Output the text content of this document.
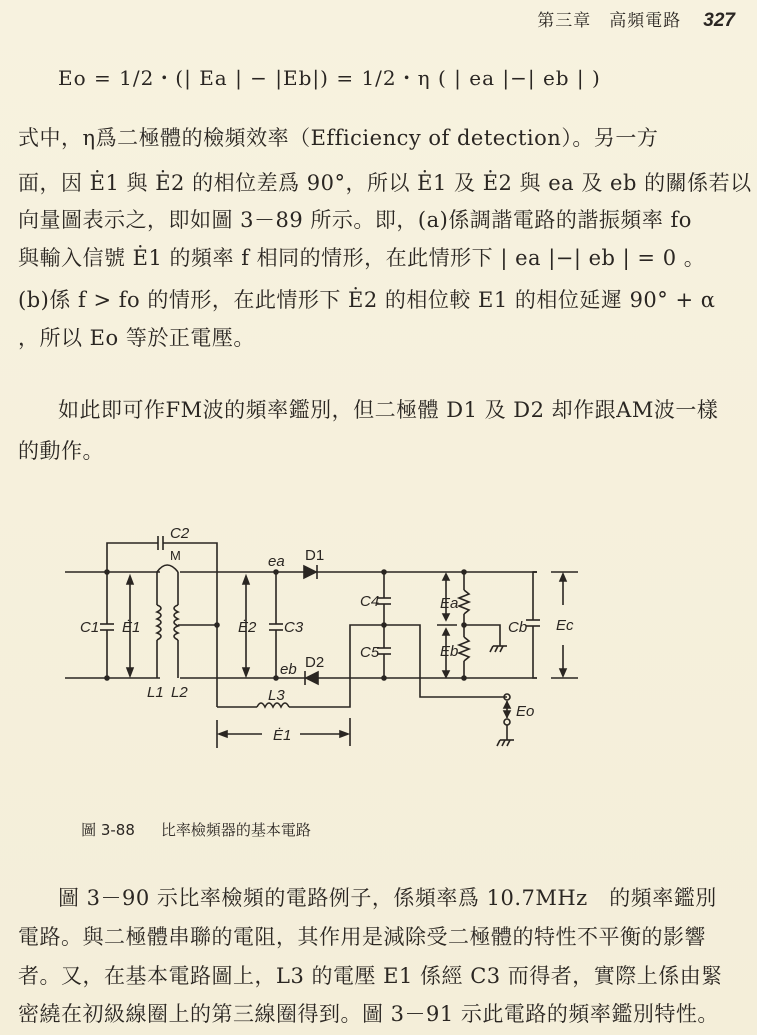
第三章　高頻電路 327
Eo = 1/2・(| Ea | − |Eb|) = 1/2・η ( | ea |−| eb | )
式中，η爲二極體的檢頻效率（Efficiency of detection）。另一方
面，因 Ė1 與 Ė2 的相位差爲 90°，所以 Ė1 及 Ė2 與 ea 及 eb 的關係若以
向量圖表示之，即如圖 3－89 所示。即，(a)係調諧電路的諧振頻率 fo
與輸入信號 Ė1 的頻率 f 相同的情形，在此情形下 | ea |−| eb | = 0 。
(b)係 f > fo 的情形，在此情形下 Ė2 的相位較 E1 的相位延遲 90° + α
，所以 Eo 等於正電壓。
如此即可作FM波的頻率鑑別，但二極體 D1 及 D2 却作跟AM波一樣
的動作。
C2
M
C1 Ė1
L1 L2
Ė2 C3
ea
eb
D1
D2
L3
Ė1
C4
C5
Ea
Eb
Cb Ec
Eo

圖 3-88 比率檢頻器的基本電路

圖 3－90 示比率檢頻的電路例子，係頻率爲 10.7MHz　的頻率鑑別
電路。與二極體串聯的電阻，其作用是減除受二極體的特性不平衡的影響
者。又，在基本電路圖上，L3 的電壓 E1 係經 C3 而得者，實際上係由緊
密繞在初級線圈上的第三線圈得到。圖 3－91 示此電路的頻率鑑別特性。
